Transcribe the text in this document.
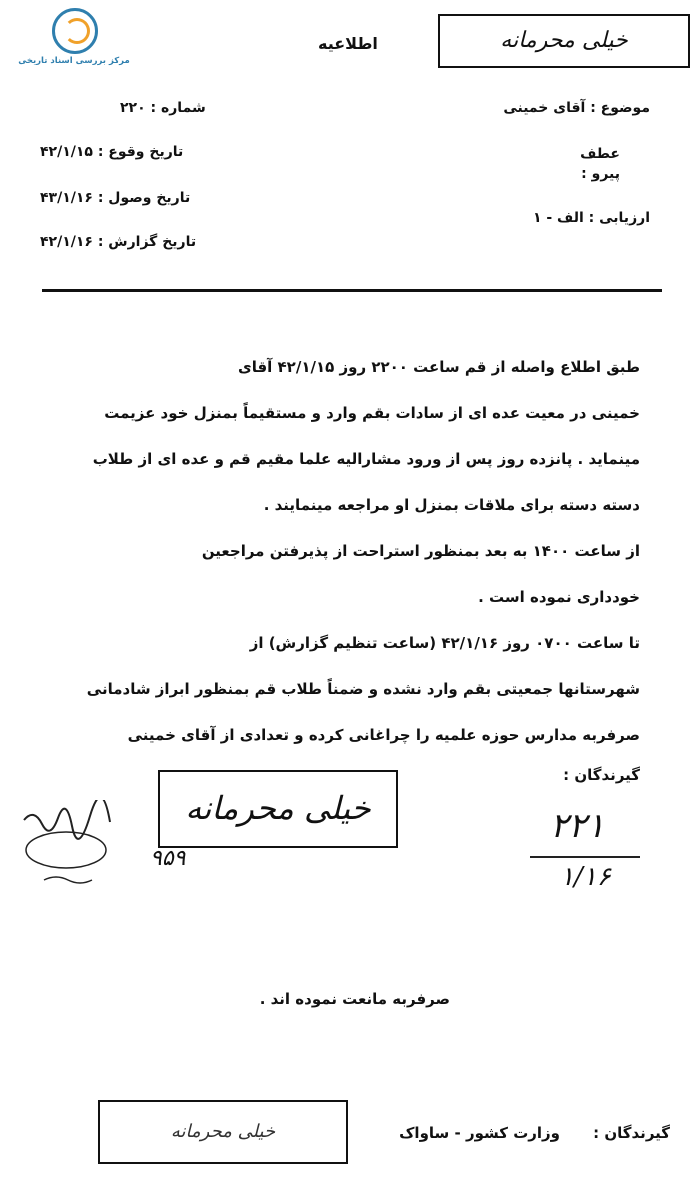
مرکز بررسی اسناد تاریخی
خیلی محرمانه
اطلاعیه
شماره : ۲۲۰
تاریخ وقوع : ۴۲/۱/۱۵
تاریخ وصول : ۴۳/۱/۱۶
تاریخ گزارش : ۴۲/۱/۱۶
موضوع : آقای خمینی
عطف
پیرو :
ارزیابی : الف - ۱
طبق اطلاع واصله از قم ساعت ۲۲۰۰ روز ۴۲/۱/۱۵ آقای
خمینی در معیت عده ای از سادات بقم وارد و مستقیماً بمنزل خود عزیمت
مینماید . پانزده روز پس از ورود مشارالیه علما مقیم قم و عده ای از طلاب
دسته دسته برای ملاقات بمنزل او مراجعه مینمایند .
از ساعت ۱۴۰۰ به بعد بمنظور استراحت از پذیرفتن مراجعین
خودداری نموده است .
تا ساعت ۰۷۰۰ روز ۴۲/۱/۱۶ (ساعت تنظیم گزارش) از
شهرستانها جمعیتی بقم وارد نشده و ضمناً طلاب قم بمنظور ابراز شادمانی
صرفربه مدارس حوزه علمیه را چراغانی کرده و تعدادی از آقای خمینی
گیرندگان :
خیلی محرمانه
۹۵۹
۲۲۱
۱/۱۶
صرفربه مانعت نموده اند .
گیرندگان :
وزارت کشور - ساواک
خیلی محرمانه
